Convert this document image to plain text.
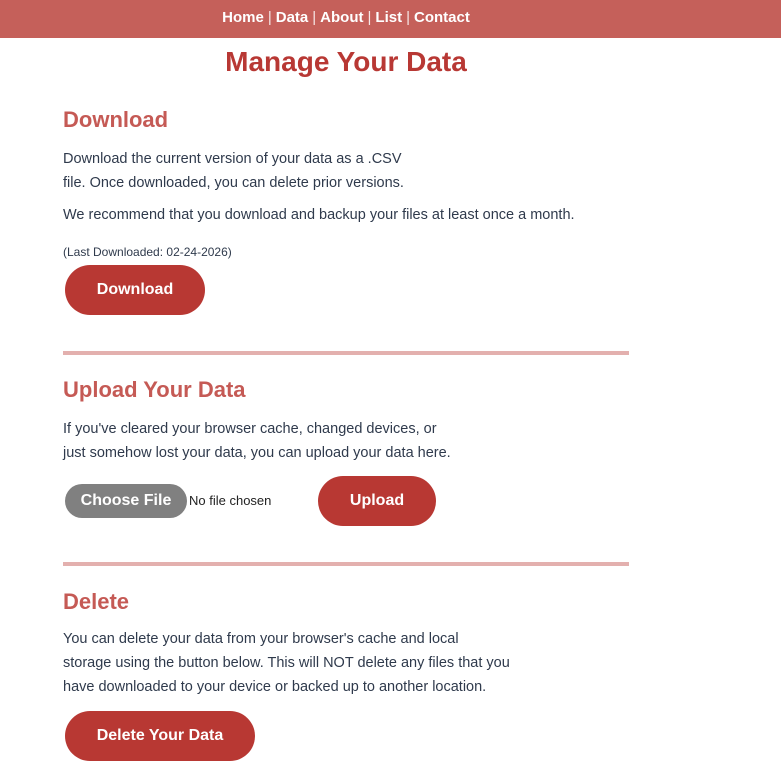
Home | Data | About | List | Contact
Manage Your Data
Download

Download the current version of your data as a .CSV

file. Once downloaded, you can delete prior versions.

We recommend that you download and backup your files at least once a month.

(Last Downloaded: 02-24-2026)

Download
Upload Your Data

If you've cleared your browser cache, changed devices, or

just somehow lost your data, you can upload your data here.

Choose File	No file chosen	Upload
Delete

You can delete your data from your browser's cache and local

storage using the button below. This will NOT delete any files that you

have downloaded to your device or backed up to another location.

Delete Your Data
